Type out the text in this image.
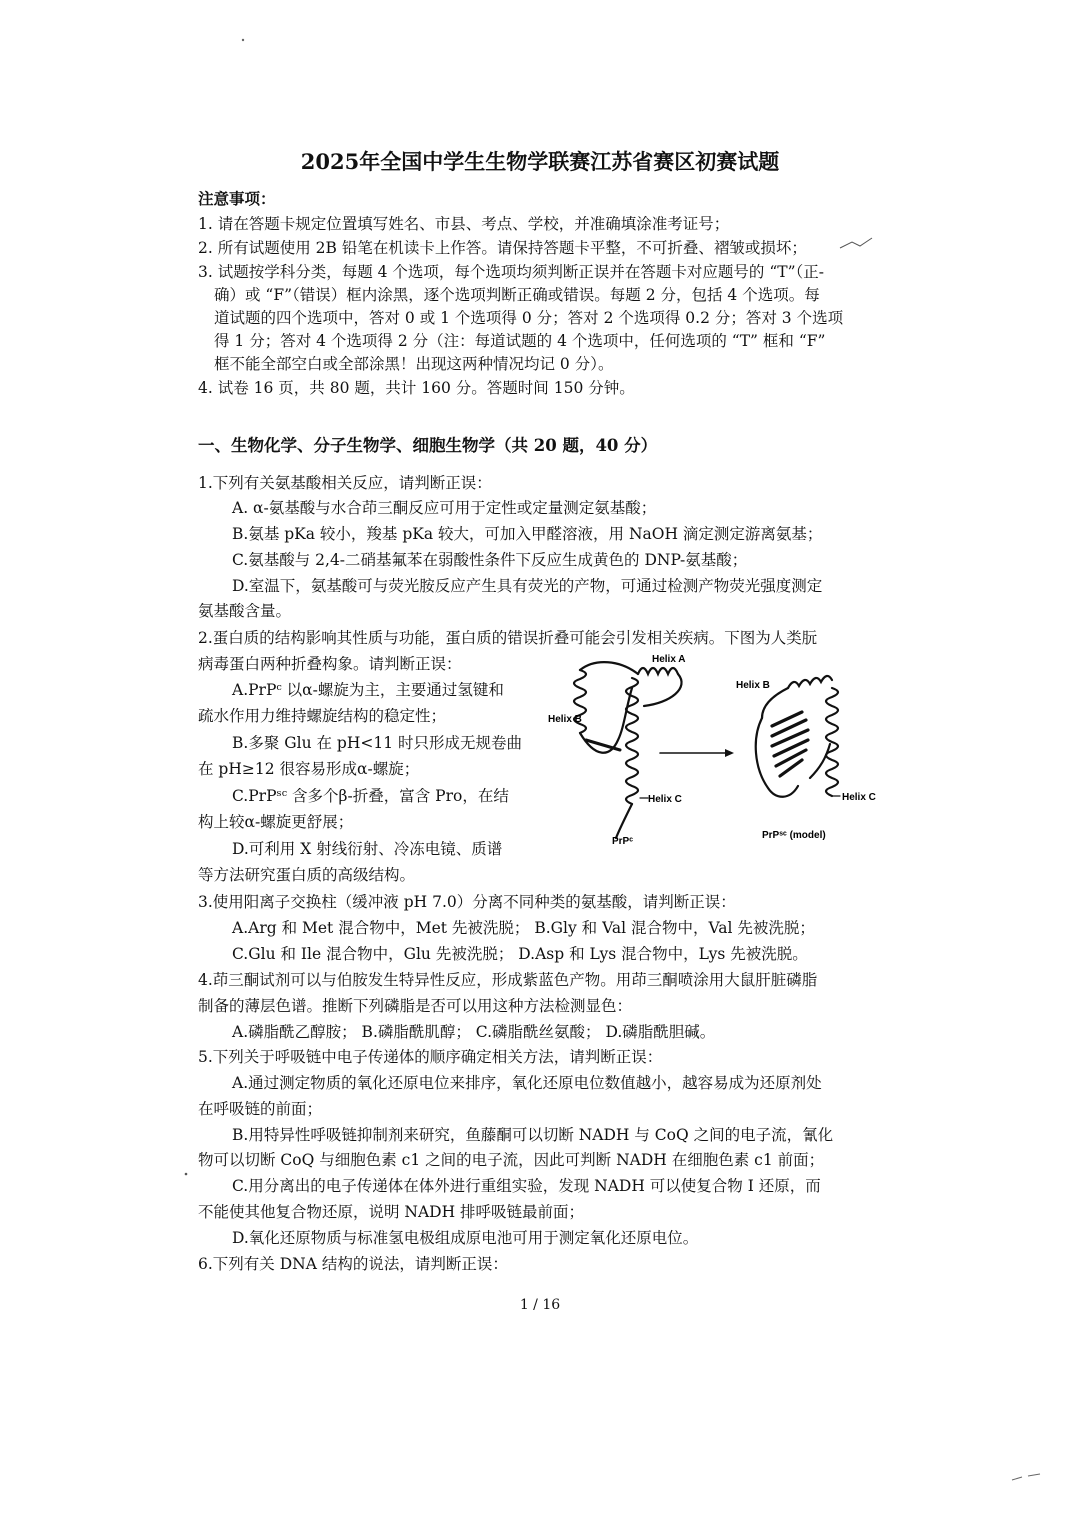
2025年全国中学生生物学联赛江苏省赛区初赛试题
注意事项：
1. 请在答题卡规定位置填写姓名、市县、考点、学校，并准确填涂准考证号；
2. 所有试题使用 2B 铅笔在机读卡上作答。请保持答题卡平整，不可折叠、褶皱或损坏；
3. 试题按学科分类，每题 4 个选项，每个选项均须判断正误并在答题卡对应题号的 “T”（正-
确）或 “F”（错误）框内涂黑，逐个选项判断正确或错误。每题 2 分，包括 4 个选项。每
道试题的四个选项中，答对 0 或 1 个选项得 0 分；答对 2 个选项得 0.2 分；答对 3 个选项
得 1 分；答对 4 个选项得 2 分（注：每道试题的 4 个选项中，任何选项的 “T” 框和 “F”
框不能全部空白或全部涂黑！出现这两种情况均记 0 分）。
4. 试卷 16 页，共 80 题，共计 160 分。答题时间 150 分钟。
一、生物化学、分子生物学、细胞生物学（共 20 题，40 分）
1.下列有关氨基酸相关反应，请判断正误：
A. α-氨基酸与水合茚三酮反应可用于定性或定量测定氨基酸；
B.氨基 pKa 较小，羧基 pKa 较大，可加入甲醛溶液，用 NaOH 滴定测定游离氨基；
C.氨基酸与 2,4-二硝基氟苯在弱酸性条件下反应生成黄色的 DNP-氨基酸；
D.室温下，氨基酸可与荧光胺反应产生具有荧光的产物，可通过检测产物荧光强度测定
氨基酸含量。
2.蛋白质的结构影响其性质与功能，蛋白质的错误折叠可能会引发相关疾病。下图为人类朊
病毒蛋白两种折叠构象。请判断正误：
A.PrPᶜ 以α-螺旋为主，主要通过氢键和
疏水作用力维持螺旋结构的稳定性；
B.多聚 Glu 在 pH<11 时只形成无规卷曲
在 pH≥12 很容易形成α-螺旋；
C.PrPˢᶜ 含多个β-折叠，富含 Pro，在结
构上较α-螺旋更舒展；
D.可利用 X 射线衍射、冷冻电镜、质谱
等方法研究蛋白质的高级结构。
Helix A
Helix B
Helix C
PrPᶜ
Helix B
Helix C
PrPˢᶜ (model)
3.使用阳离子交换柱（缓冲液 pH 7.0）分离不同种类的氨基酸，请判断正误：
A.Arg 和 Met 混合物中，Met 先被洗脱； B.Gly 和 Val 混合物中，Val 先被洗脱；
C.Glu 和 Ile 混合物中，Glu 先被洗脱； D.Asp 和 Lys 混合物中，Lys 先被洗脱。
4.茚三酮试剂可以与伯胺发生特异性反应，形成紫蓝色产物。用茚三酮喷涂用大鼠肝脏磷脂
制备的薄层色谱。推断下列磷脂是否可以用这种方法检测显色：
A.磷脂酰乙醇胺； B.磷脂酰肌醇； C.磷脂酰丝氨酸； D.磷脂酰胆碱。
5.下列关于呼吸链中电子传递体的顺序确定相关方法，请判断正误：
A.通过测定物质的氧化还原电位来排序，氧化还原电位数值越小，越容易成为还原剂处
在呼吸链的前面；
B.用特异性呼吸链抑制剂来研究，鱼藤酮可以切断 NADH 与 CoQ 之间的电子流，氰化
物可以切断 CoQ 与细胞色素 c1 之间的电子流，因此可判断 NADH 在细胞色素 c1 前面；
C.用分离出的电子传递体在体外进行重组实验，发现 NADH 可以使复合物 I 还原，而
不能使其他复合物还原，说明 NADH 排呼吸链最前面；
D.氧化还原物质与标准氢电极组成原电池可用于测定氧化还原电位。
6.下列有关 DNA 结构的说法，请判断正误：
1 / 16
